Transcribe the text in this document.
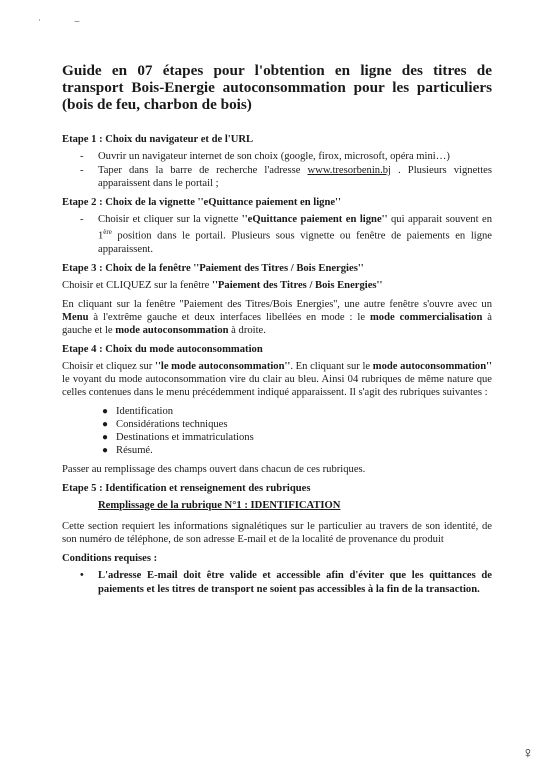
ʿ	⌣
Guide en 07 étapes pour l'obtention en ligne des titres de transport Bois-Energie autoconsommation pour les particuliers (bois de feu, charbon de bois)
Etape 1 : Choix du navigateur et de l'URL
- Ouvrir un navigateur internet de son choix (google, firox, microsoft, opéra mini…)
- Taper dans la barre de recherche l'adresse www.tresorbenin.bj . Plusieurs vignettes apparaissent dans le portail ;
Etape 2 : Choix de la vignette ''eQuittance paiement en ligne''
- Choisir et cliquer sur la vignette ''eQuittance paiement en ligne'' qui apparait souvent en 1ère position dans le portail. Plusieurs sous vignette ou fenêtre de paiements en ligne apparaissent.
Etape 3 : Choix de la fenêtre ''Paiement des Titres / Bois Energies''

Choisir et CLIQUEZ sur la fenêtre ''Paiement des Titres / Bois Energies''

En cliquant sur la fenêtre ''Paiement des Titres/Bois Energies'', une autre fenêtre s'ouvre avec un Menu à l'extrême gauche et deux interfaces libellées en mode : le mode commercialisation à gauche et le mode autoconsommation à droite.

Etape 4 : Choix du mode autoconsommation

Choisir et cliquez sur ''le mode autoconsommation''. En cliquant sur le mode autoconsommation'' le voyant du mode autoconsommation vire du clair au bleu. Ainsi 04 rubriques de même nature que celles contenues dans le menu précédemment indiqué apparaissent. Il s'agit des rubriques suivantes :

● Identification
● Considérations techniques
● Destinations et immatriculations
● Résumé.

Passer au remplissage des champs ouvert dans chacun de ces rubriques.

Etape 5 : Identification et renseignement des rubriques
Remplissage de la rubrique N°1 : IDENTIFICATION

Cette section requiert les informations signalétiques sur le particulier au travers de son identité, de son numéro de téléphone, de son adresse E-mail et de la localité de provenance du produit

Conditions requises :
• L'adresse E-mail doit être valide et accessible afin d'éviter que les quittances de paiements et les titres de transport ne soient pas accessibles à la fin de la transaction.
♀
